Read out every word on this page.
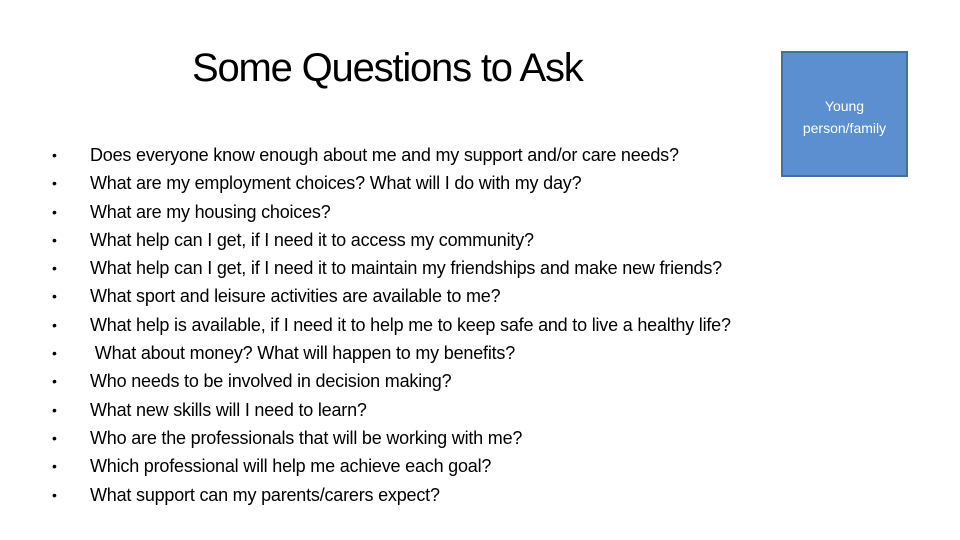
Some Questions to Ask
Young person/family
•	Does everyone know enough about me and my support and/or care needs?
•	What are my employment choices? What will I do with my day?
•	What are my housing choices?
•	What help can I get, if I need it to access my community?
•	What help can I get, if I need it to maintain my friendships and make new friends?
•	What sport and leisure activities are available to me?
•	What help is available, if I need it to help me to keep safe and to live a healthy life?
•	What about money? What will happen to my benefits?
•	Who needs to be involved in decision making?
•	What new skills will I need to learn?
•	Who are the professionals that will be working with me?
•	Which professional will help me achieve each goal?
•	What support can my parents/carers expect?
